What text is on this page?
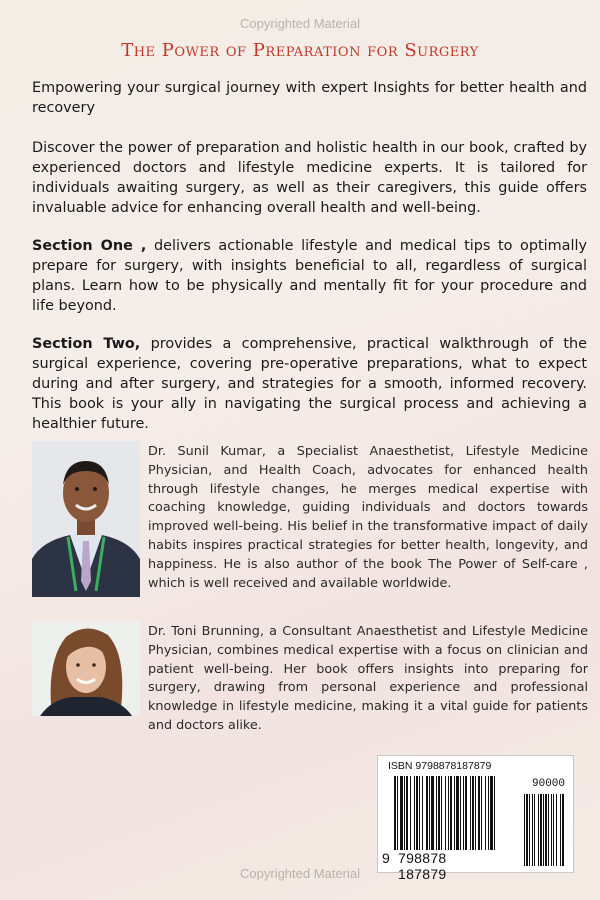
Copyrighted Material
The Power of Preparation for Surgery

Empowering your surgical journey with expert Insights for better health and recovery

Discover the power of preparation and holistic health in our book, crafted by experienced doctors and lifestyle medicine experts. It is tailored for individuals awaiting surgery, as well as their caregivers, this guide offers invaluable advice for enhancing overall health and well-being.

Section One , delivers actionable lifestyle and medical tips to optimally prepare for surgery, with insights beneficial to all, regardless of surgical plans. Learn how to be physically and mentally fit for your procedure and life beyond.

Section Two, provides a comprehensive, practical walkthrough of the surgical experience, covering pre-operative preparations, what to expect during and after surgery, and strategies for a smooth, informed recovery. This book is your ally in navigating the surgical process and achieving a healthier future.

Dr. Sunil Kumar, a Specialist Anaesthetist, Lifestyle Medicine Physician, and Health Coach, advocates for enhanced health through lifestyle changes, he merges medical expertise with coaching knowledge, guiding individuals and doctors towards improved well-being. His belief in the transformative impact of daily habits inspires practical strategies for better health, longevity, and happiness. He is also author of the book The Power of Self-care , which is well received and available worldwide.

Dr. Toni Brunning, a Consultant Anaesthetist and Lifestyle Medicine Physician, combines medical expertise with a focus on clinician and patient well-being. Her book offers insights into preparing for surgery, drawing from personal experience and professional knowledge in lifestyle medicine, making it a vital guide for patients and doctors alike.

ISBN 9798878187879
90000
9 798878 187879
Copyrighted Material
